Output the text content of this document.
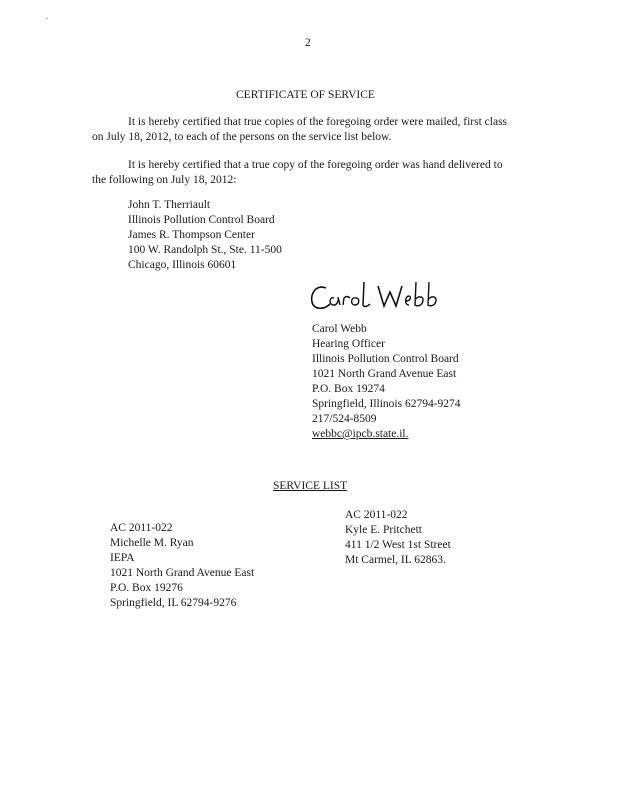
2
CERTIFICATE OF SERVICE
It is hereby certified that true copies of the foregoing order were mailed, first class
on July 18, 2012, to each of the persons on the service list below.
It is hereby certified that a true copy of the foregoing order was hand delivered to
the following on July 18, 2012:
John T. Therriault
Illinois Pollution Control Board
James R. Thompson Center
100 W. Randolph St., Ste. 11-500
Chicago, Illinois 60601
Carol Webb
Carol Webb
Hearing Officer
Illinois Pollution Control Board
1021 North Grand Avenue East
P.O. Box 19274
Springfield, Illinois 62794-9274
217/524-8509
webbc@ipcb.state.il.
SERVICE LIST
AC 2011-022
Kyle E. Pritchett
411 1/2 West 1st Street
Mt Carmel, IL 62863.
AC 2011-022
Michelle M. Ryan
IEPA
1021 North Grand Avenue East
P.O. Box 19276
Springfield, IL 62794-9276
